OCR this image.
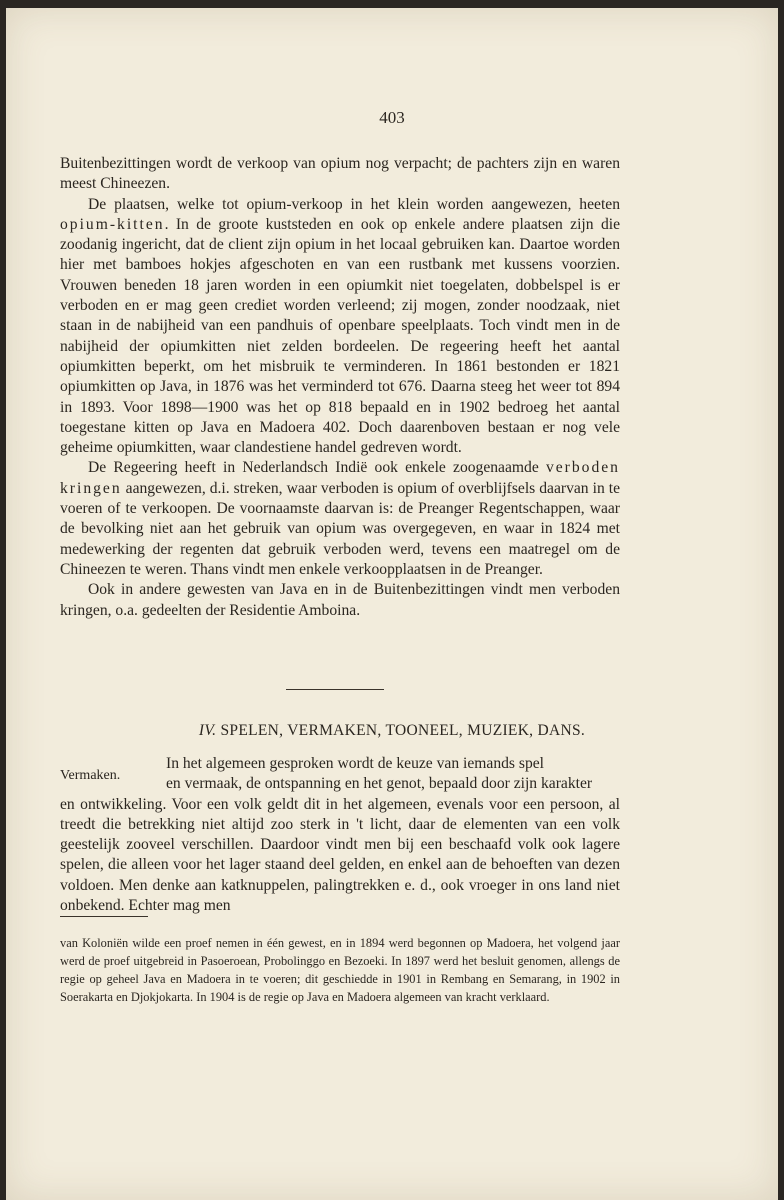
403

Buitenbezittingen wordt de verkoop van opium nog verpacht; de pachters zijn en waren meest Chineezen.

De plaatsen, welke tot opium-verkoop in het klein worden aangewezen, heeten opium-kitten. In de groote kuststeden en ook op enkele andere plaatsen zijn die zoodanig ingericht, dat de client zijn opium in het locaal gebruiken kan. Daartoe worden hier met bamboes hokjes afgeschoten en van een rustbank met kussens voorzien. Vrouwen beneden 18 jaren worden in een opiumkit niet toegelaten, dobbelspel is er verboden en er mag geen crediet worden verleend; zij mogen, zonder noodzaak, niet staan in de nabijheid van een pandhuis of openbare speelplaats. Toch vindt men in de nabijheid der opiumkitten niet zelden bordeelen. De regeering heeft het aantal opiumkitten beperkt, om het misbruik te verminderen. In 1861 bestonden er 1821 opiumkitten op Java, in 1876 was het verminderd tot 676. Daarna steeg het weer tot 894 in 1893. Voor 1898—1900 was het op 818 bepaald en in 1902 bedroeg het aantal toegestane kitten op Java en Madoera 402. Doch daarenboven bestaan er nog vele geheime opiumkitten, waar clandestiene handel gedreven wordt.

De Regeering heeft in Nederlandsch Indië ook enkele zoogenaamde verboden kringen aangewezen, d.i. streken, waar verboden is opium of overblijfsels daarvan in te voeren of te verkoopen. De voornaamste daarvan is: de Preanger Regentschappen, waar de bevolking niet aan het gebruik van opium was overgegeven, en waar in 1824 met medewerking der regenten dat gebruik verboden werd, tevens een maatregel om de Chineezen te weren. Thans vindt men enkele verkoopplaatsen in de Preanger.

Ook in andere gewesten van Java en in de Buitenbezittingen vindt men verboden kringen, o.a. gedeelten der Residentie Amboina.

IV. SPELEN, VERMAKEN, TOONEEL, MUZIEK, DANS.
Vermaken.

In het algemeen gesproken wordt de keuze van iemands spel

en vermaak, de ontspanning en het genot, bepaald door zijn karakter

en ontwikkeling. Voor een volk geldt dit in het algemeen, evenals voor een persoon, al treedt die betrekking niet altijd zoo sterk in 't licht, daar de elementen van een volk geestelijk zooveel verschillen. Daardoor vindt men bij een beschaafd volk ook lagere spelen, die alleen voor het lager staand deel gelden, en enkel aan de behoeften van dezen voldoen. Men denke aan katknuppelen, palingtrekken e. d., ook vroeger in ons land niet onbekend. Echter mag men

van Koloniën wilde een proef nemen in één gewest, en in 1894 werd begonnen op Madoera, het volgend jaar werd de proef uitgebreid in Pasoeroean, Probolinggo en Bezoeki. In 1897 werd het besluit genomen, allengs de regie op geheel Java en Madoera in te voeren; dit geschiedde in 1901 in Rembang en Semarang, in 1902 in Soerakarta en Djokjokarta. In 1904 is de regie op Java en Madoera algemeen van kracht verklaard.
